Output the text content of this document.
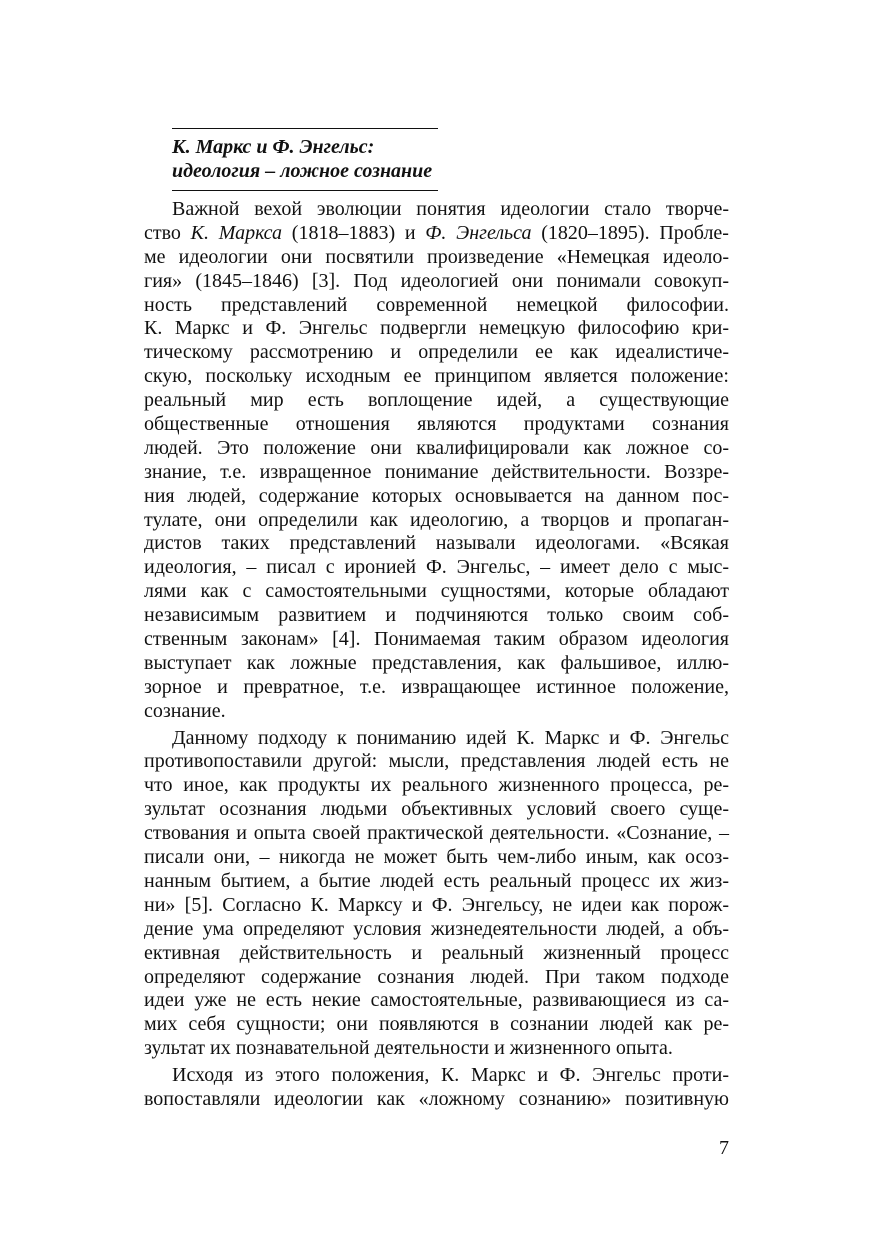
К. Маркс и Ф. Энгельс:
идеология – ложное сознание
Важной вехой эволюции понятия идеологии стало творче-
ство К. Маркса (1818–1883) и Ф. Энгельса (1820–1895). Пробле-
ме идеологии они посвятили произведение «Немецкая идеоло-
гия» (1845–1846) [3]. Под идеологией они понимали совокуп-
ность представлений современной немецкой философии.
К. Маркс и Ф. Энгельс подвергли немецкую философию кри-
тическому рассмотрению и определили ее как идеалистиче-
скую, поскольку исходным ее принципом является положение:
реальный мир есть воплощение идей, а существующие
общественные отношения являются продуктами сознания
людей. Это положение они квалифицировали как ложное со-
знание, т.е. извращенное понимание действительности. Воззре-
ния людей, содержание которых основывается на данном пос-
тулате, они определили как идеологию, а творцов и пропаган-
дистов таких представлений называли идеологами. «Всякая
идеология, – писал с иронией Ф. Энгельс, – имеет дело с мыс-
лями как с самостоятельными сущностями, которые обладают
независимым развитием и подчиняются только своим соб-
ственным законам» [4]. Понимаемая таким образом идеология
выступает как ложные представления, как фальшивое, иллю-
зорное и превратное, т.е. извращающее истинное положение,
сознание.
Данному подходу к пониманию идей К. Маркс и Ф. Энгельс
противопоставили другой: мысли, представления людей есть не
что иное, как продукты их реального жизненного процесса, ре-
зультат осознания людьми объективных условий своего суще-
ствования и опыта своей практической деятельности. «Сознание, –
писали они, – никогда не может быть чем-либо иным, как осоз-
нанным бытием, а бытие людей есть реальный процесс их жиз-
ни» [5]. Согласно К. Марксу и Ф. Энгельсу, не идеи как порож-
дение ума определяют условия жизнедеятельности людей, а объ-
ективная действительность и реальный жизненный процесс
определяют содержание сознания людей. При таком подходе
идеи уже не есть некие самостоятельные, развивающиеся из са-
мих себя сущности; они появляются в сознании людей как ре-
зультат их познавательной деятельности и жизненного опыта.
Исходя из этого положения, К. Маркс и Ф. Энгельс проти-
вопоставляли идеологии как «ложному сознанию» позитивную
7
